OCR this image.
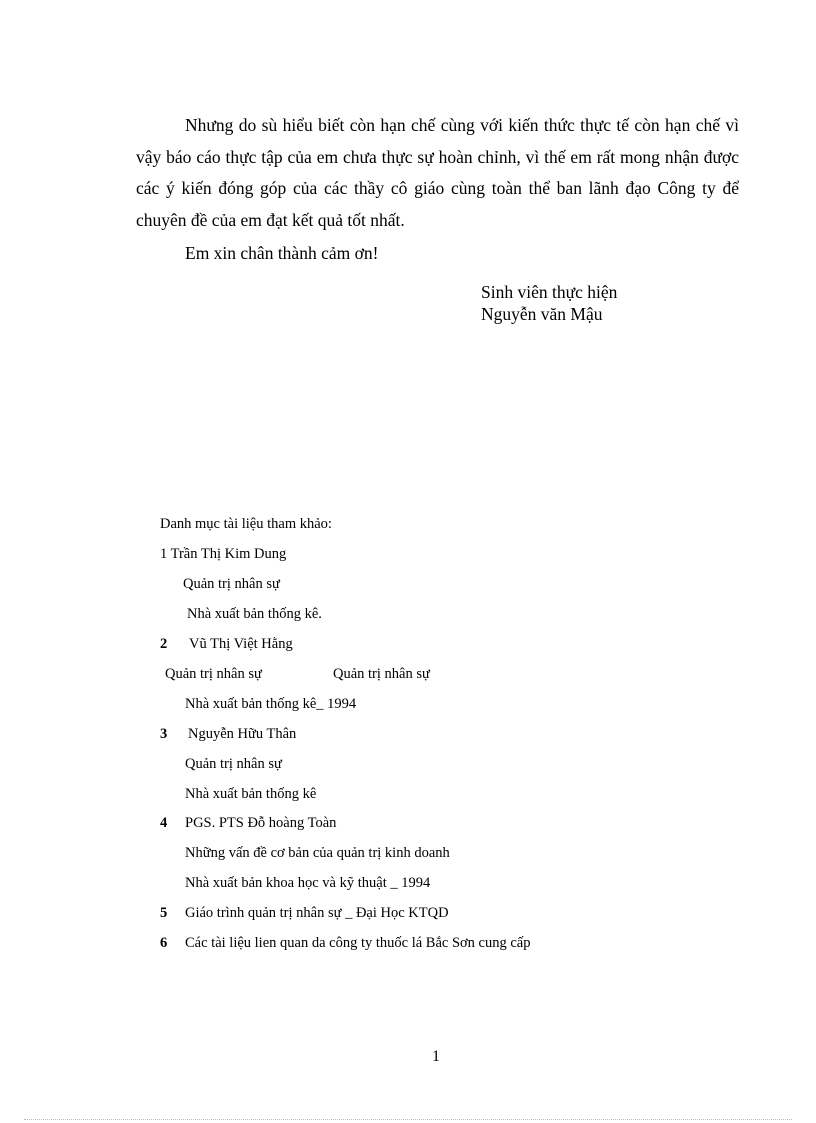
Nhưng do sù hiểu biết còn hạn chế cùng với kiến thức thực tế còn hạn chế vì vậy báo cáo thực tập của em chưa thực sự hoàn chỉnh, vì thế em rất mong nhận được các ý kiến đóng góp của các thầy cô giáo cùng toàn thể ban lãnh đạo Công ty để chuyên đề của em đạt kết quả tốt nhất.

Em xin chân thành cảm ơn!

Sinh viên thực hiện
Nguyễn văn Mậu
Danh mục tài liệu tham khảo:
1 Trần Thị Kim Dung
Quản trị nhân sự
Nhà xuất bản thống kê.
2 Vũ Thị Việt Hằng
Quản trị nhân sự	Quản trị nhân sự
Nhà xuất bản thống kê_ 1994
3 Nguyễn Hữu Thân
Quản trị nhân sự
Nhà xuất bản thống kê
4 PGS. PTS Đỗ hoàng Toàn
Những vấn đề cơ bản của quản trị kinh doanh
Nhà xuất bản khoa học và kỹ thuật _ 1994
5 Giáo trình quản trị nhân sự _ Đại Học KTQD
6 Các tài liệu lien quan da công ty thuốc lá Bắc Sơn cung cấp
1
